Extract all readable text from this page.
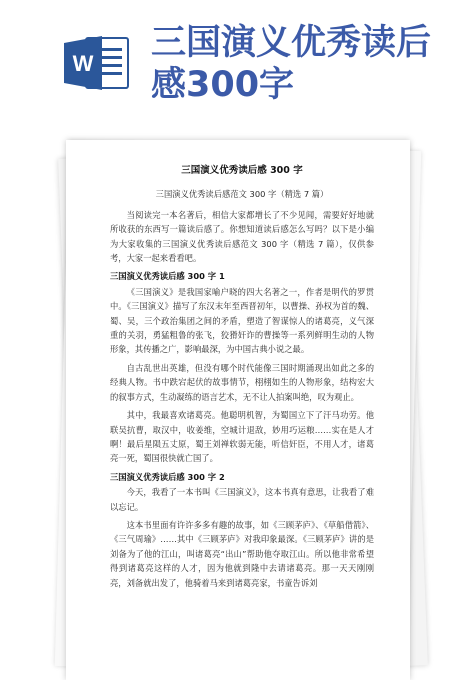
W
三国演义优秀读后感300字
三国演义优秀读后感 300 字
三国演义优秀读后感范文 300 字（精选 7 篇）

当阅读完一本名著后，相信大家都增长了不少见闻，需要好好地就所收获的东西写一篇读后感了。你想知道读后感怎么写吗？以下是小编为大家收集的三国演义优秀读后感范文 300 字（精选 7 篇），仅供参考，大家一起来看看吧。

三国演义优秀读后感 300 字 1

《三国演义》是我国家喻户晓的四大名著之一，作者是明代的罗贯中。《三国演义》描写了东汉末年至西晋初年，以曹操、孙权为首的魏、蜀、吴，三个政治集团之间的矛盾，塑造了智谋惊人的诸葛亮，义气深重的关羽，勇猛粗鲁的张飞，狡猾奸诈的曹操等一系列鲜明生动的人物形象，其传播之广，影响最深，为中国古典小说之最。

自古乱世出英雄，但没有哪个时代能像三国时期涌现出如此之多的经典人物。书中跌宕起伏的故事情节，栩栩如生的人物形象，结构宏大的叙事方式，生动凝练的语言艺术，无不让人拍案叫绝，叹为观止。

其中，我最喜欢诸葛亮。他聪明机智，为蜀国立下了汗马功劳。他联吴抗曹，取汉中，收姜维，空城计退敌，妙用巧运粮……实在是人才啊！最后星陨五丈原，蜀王刘禅软弱无能，听信奸臣，不用人才，诸葛亮一死，蜀国很快就亡国了。

三国演义优秀读后感 300 字 2

今天，我看了一本书叫《三国演义》，这本书真有意思，让我看了难以忘记。

这本书里面有许许多多有趣的故事，如《三顾茅庐》、《草船借箭》、《三气周瑜》……其中《三顾茅庐》对我印象最深。《三顾茅庐》讲的是刘备为了他的江山，叫诸葛亮“出山”帮助他夺取江山。所以他非常希望得到诸葛亮这样的人才，因为他就到隆中去请诸葛亮。那一天天刚刚亮，刘备就出发了，他骑着马来到诸葛亮家，书童告诉刘
